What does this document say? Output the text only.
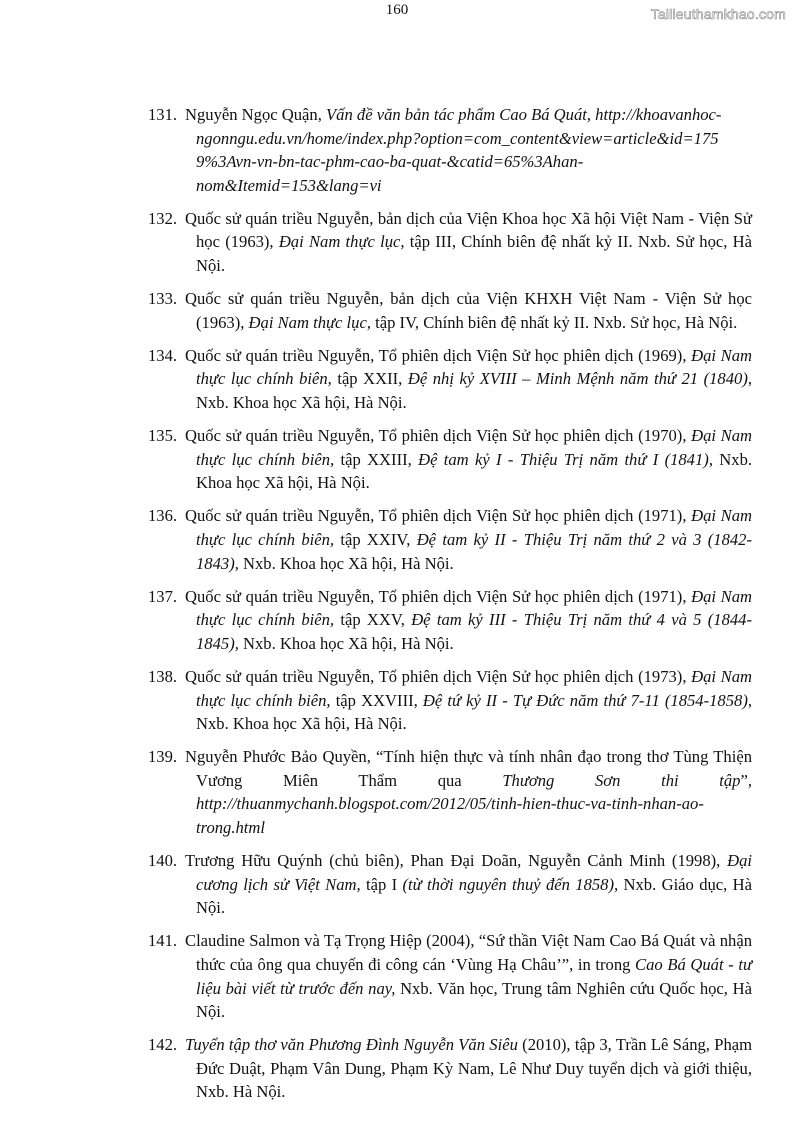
160	Tailieuthamkhao.com
131. Nguyễn Ngọc Quận, Vấn đề văn bản tác phẩm Cao Bá Quát, http://khoavanhoc-
ngonngu.edu.vn/home/index.php?option=com_content&view=article&id=175
9%3Avn-vn-bn-tac-phm-cao-ba-quat-&catid=65%3Ahan-
nom&Itemid=153&lang=vi
132. Quốc sử quán triều Nguyễn, bản dịch của Viện Khoa học Xã hội Việt Nam - Viện Sử học (1963), Đại Nam thực lục, tập III, Chính biên đệ nhất kỷ II. Nxb. Sử học, Hà Nội.
133. Quốc sử quán triều Nguyễn, bản dịch của Viện KHXH Việt Nam - Viện Sử học (1963), Đại Nam thực lục, tập IV, Chính biên đệ nhất kỷ II. Nxb. Sử học, Hà Nội.
134. Quốc sử quán triều Nguyễn, Tổ phiên dịch Viện Sử học phiên dịch (1969), Đại Nam thực lục chính biên, tập XXII, Đệ nhị kỷ XVIII – Minh Mệnh năm thứ 21 (1840), Nxb. Khoa học Xã hội, Hà Nội.
135. Quốc sử quán triều Nguyễn, Tổ phiên dịch Viện Sử học phiên dịch (1970), Đại Nam thực lục chính biên, tập XXIII, Đệ tam kỷ I - Thiệu Trị năm thứ I (1841), Nxb. Khoa học Xã hội, Hà Nội.
136. Quốc sử quán triều Nguyễn, Tổ phiên dịch Viện Sử học phiên dịch (1971), Đại Nam thực lục chính biên, tập XXIV, Đệ tam kỷ II - Thiệu Trị năm thứ 2 và 3 (1842- 1843), Nxb. Khoa học Xã hội, Hà Nội.
137. Quốc sử quán triều Nguyễn, Tổ phiên dịch Viện Sử học phiên dịch (1971), Đại Nam thực lục chính biên, tập XXV, Đệ tam kỷ III - Thiệu Trị năm thứ 4 và 5 (1844- 1845), Nxb. Khoa học Xã hội, Hà Nội.
138. Quốc sử quán triều Nguyễn, Tổ phiên dịch Viện Sử học phiên dịch (1973), Đại Nam thực lục chính biên, tập XXVIII, Đệ tứ kỷ II - Tự Đức năm thứ 7-11 (1854-1858), Nxb. Khoa học Xã hội, Hà Nội.
139. Nguyễn Phước Bảo Quyền, “Tính hiện thực và tính nhân đạo trong thơ Tùng Thiện Vương Miên Thẩm qua Thương Sơn thi tập”, http://thuanmychanh.blogspot.com/2012/05/tinh-hien-thuc-va-tinh-nhan-ao-
trong.html
140. Trương Hữu Quýnh (chủ biên), Phan Đại Doãn, Nguyễn Cảnh Minh (1998), Đại cương lịch sử Việt Nam, tập I (từ thời nguyên thuỷ đến 1858), Nxb. Giáo dục, Hà Nội.
141. Claudine Salmon và Tạ Trọng Hiệp (2004), “Sứ thần Việt Nam Cao Bá Quát và nhận thức của ông qua chuyến đi công cán ‘Vùng Hạ Châu’”, in trong Cao Bá Quát - tư liệu bài viết từ trước đến nay, Nxb. Văn học, Trung tâm Nghiên cứu Quốc học, Hà Nội.
142. Tuyển tập thơ văn Phương Đình Nguyễn Văn Siêu (2010), tập 3, Trần Lê Sáng, Phạm Đức Duật, Phạm Vân Dung, Phạm Kỳ Nam, Lê Như Duy tuyển dịch và giới thiệu, Nxb. Hà Nội.
